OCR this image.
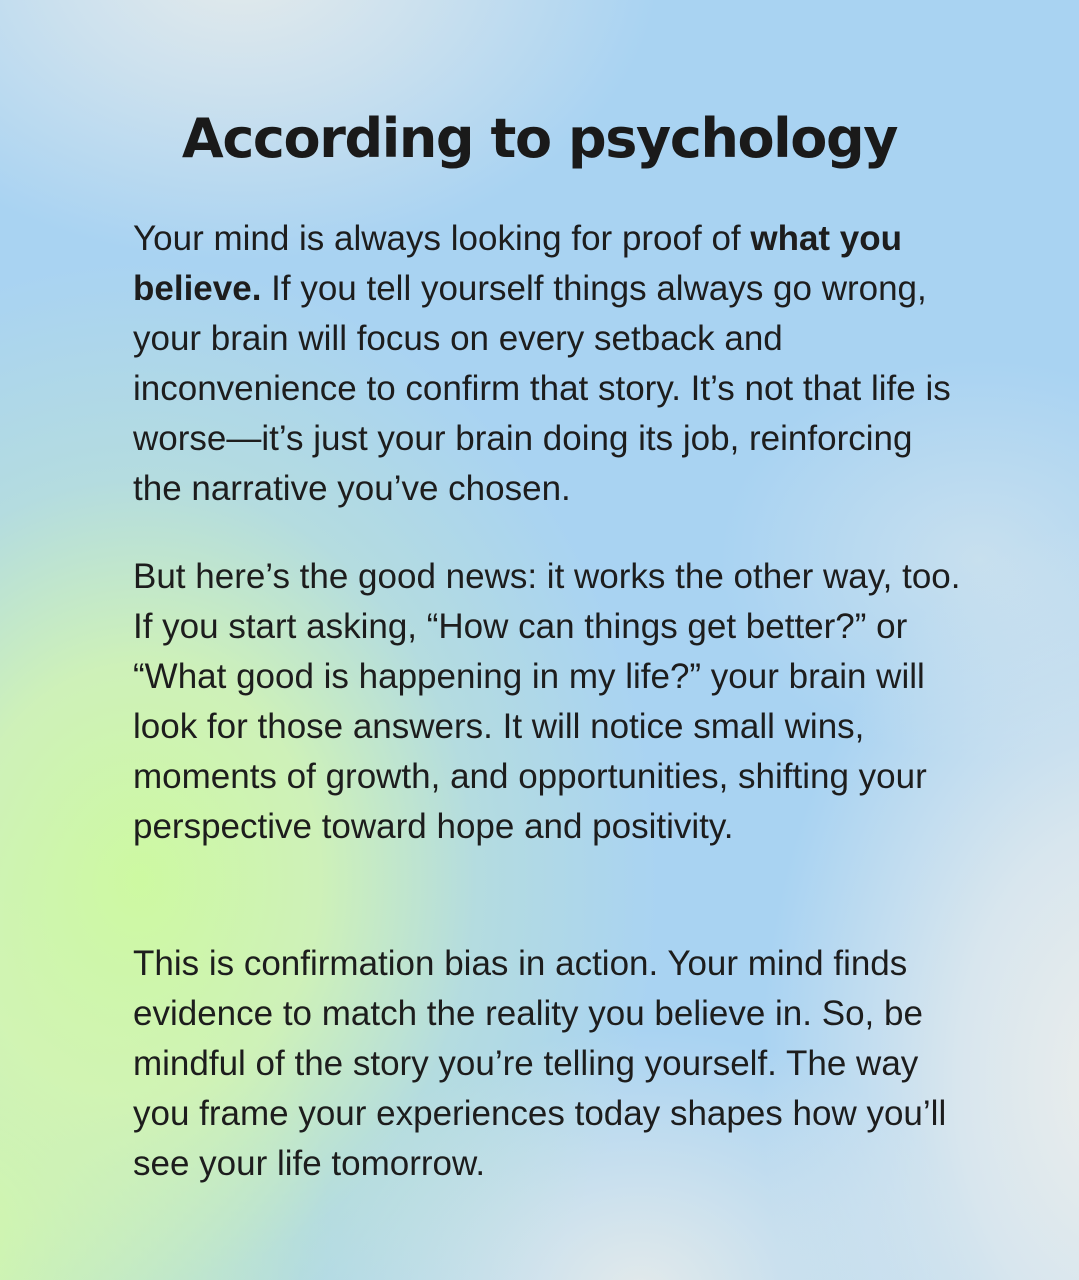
According to psychology

Your mind is always looking for proof of what you believe. If you tell yourself things always go wrong, your brain will focus on every setback and inconvenience to confirm that story. It’s not that life is worse—it’s just your brain doing its job, reinforcing the narrative you’ve chosen.

But here’s the good news: it works the other way, too. If you start asking, “How can things get better?” or “What good is happening in my life?” your brain will look for those answers. It will notice small wins, moments of growth, and opportunities, shifting your perspective toward hope and positivity.

This is confirmation bias in action. Your mind finds evidence to match the reality you believe in. So, be mindful of the story you’re telling yourself. The way you frame your experiences today shapes how you’ll see your life tomorrow.
